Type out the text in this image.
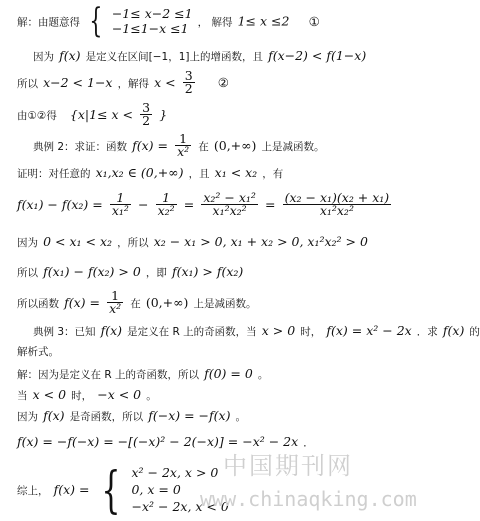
解：由题意得 { −1≤ x−2 ≤1
−1≤1−x ≤1 ， 解得 1≤ x ≤2 ①
因为 f(x) 是定义在区间[−1，1]上的增函数，且 f(x−2) < f(1−x)
所以 x−2 < 1−x ，解得 $x < \frac{3}{2}$ ②
由①②得 {$x|1\le x < \frac{3}{2}$ }
典例 2：求证：函数 $f(x) = \frac{1}{\text{x²}}$ 在 (0,+∞) 上是减函数。
证明：对任意的 x₁,x₂ ∈ (0,+∞) ，且 x₁ < x₂ ，有
$f(x_1) - f(x_2) = \frac{1}{\text{x₁²}} - \frac{1}{\text{x₂²}} = \frac{\text{x₂² − x₁²}}{\text{x₁²x₂²}} = \frac{\text{(x₂ − x₁)(x₂ + x₁)}}{\text{x₁²x₂²}}$
因为 0 < x₁ < x₂ ，所以 x₂ − x₁ > 0, x₁ + x₂ > 0, x₁²x₂² > 0
所以 f(x₁) − f(x₂) > 0 ，即 f(x₁) > f(x₂)
所以函数 $f(x) = \frac{1}{\text{x²}}$ 在 (0,+∞) 上是减函数。
典例 3：已知 f(x) 是定义在 R 上的奇函数，当 x > 0 时， f(x) = x² − 2x ．求 f(x) 的
解析式。
解：因为是定义在 R 上的奇函数，所以 f(0) = 0 。
当 x < 0 时， −x < 0 。
因为 f(x) 是奇函数，所以 f(−x) = −f(x) 。
f(x) = −f(−x) = −[(−x)² − 2(−x)] = −x² − 2x ．
综上， f(x) = { x² − 2x, x > 0
0, x = 0
−x² − 2x, x < 0
中国期刊网
www.chinaqking.com
